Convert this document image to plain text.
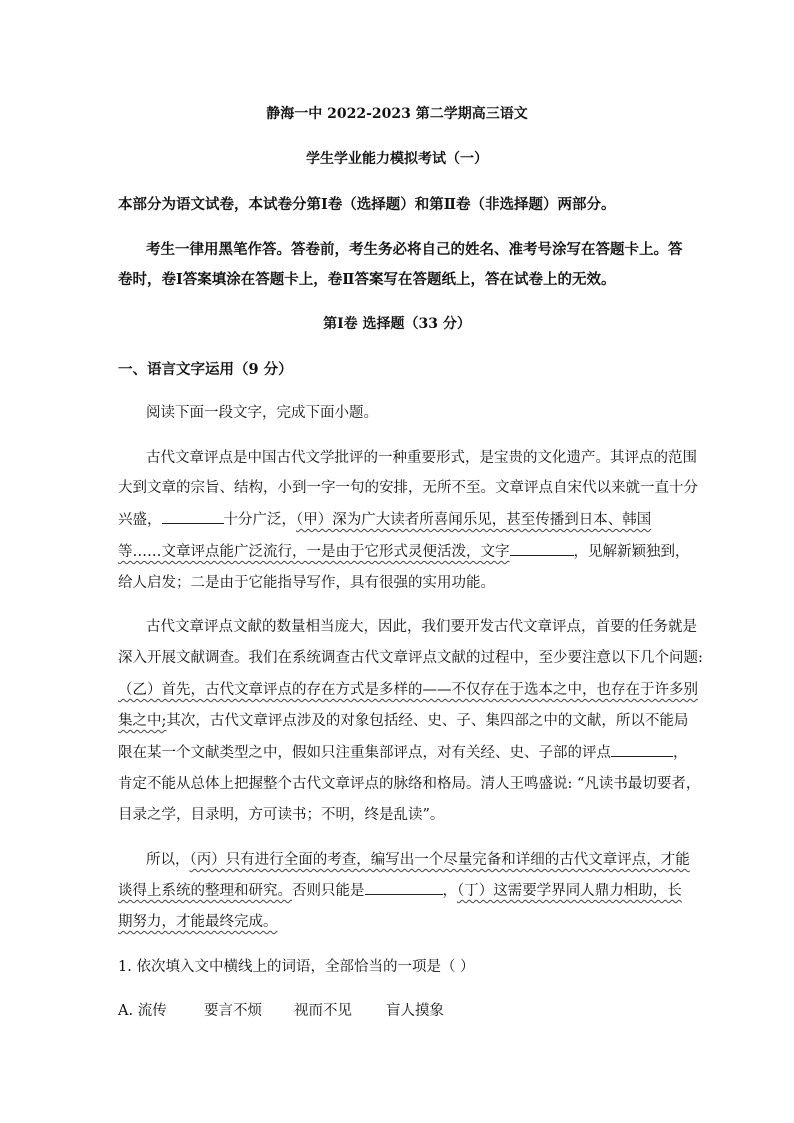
静海一中 2022-2023 第二学期高三语文
学生学业能力模拟考试（一）
本部分为语文试卷，本试卷分第Ⅰ卷（选择题）和第Ⅱ卷（非选择题）两部分。
考生一律用黑笔作答。答卷前，考生务必将自己的姓名、准考号涂写在答题卡上。答
卷时，卷Ⅰ答案填涂在答题卡上，卷Ⅱ答案写在答题纸上，答在试卷上的无效。
第Ⅰ卷 选择题（33 分）
一、语言文字运用（9 分）
阅读下面一段文字，完成下面小题。
古代文章评点是中国古代文学批评的一种重要形式，是宝贵的文化遗产。其评点的范围
大到文章的宗旨、结构，小到一字一句的安排，无所不至。文章评点自宋代以来就一直十分
兴盛，	十分广泛，（甲）深为广大读者所喜闻乐见，甚至传播到日本、韩国
等……文章评点能广泛流行，一是由于它形式灵便活泼，文字	，见解新颖独到，
给人启发；二是由于它能指导写作，具有很强的实用功能。
古代文章评点文献的数量相当庞大，因此，我们要开发古代文章评点，首要的任务就是
深入开展文献调查。我们在系统调查古代文章评点文献的过程中，至少要注意以下几个问题:
（乙）首先，古代文章评点的存在方式是多样的——不仅存在于选本之中，也存在于许多别
集之中;其次，古代文章评点涉及的对象包括经、史、子、集四部之中的文献，所以不能局
限在某一个文献类型之中，假如只注重集部评点，对有关经、史、子部的评点	，
肯定不能从总体上把握整个古代文章评点的脉络和格局。清人王鸣盛说: “凡读书最切要者，
目录之学，目录明，方可读书；不明，终是乱读”。
所以，（丙）只有进行全面的考查，编写出一个尽量完备和详细的古代文章评点，才能
谈得上系统的整理和研究。否则只能是	，（丁）这需要学界同人鼎力相助，长
期努力，才能最终完成。
1. 依次填入文中横线上的词语，全部恰当的一项是（ ）
A. 流传	要言不烦 视而不见 盲人摸象
